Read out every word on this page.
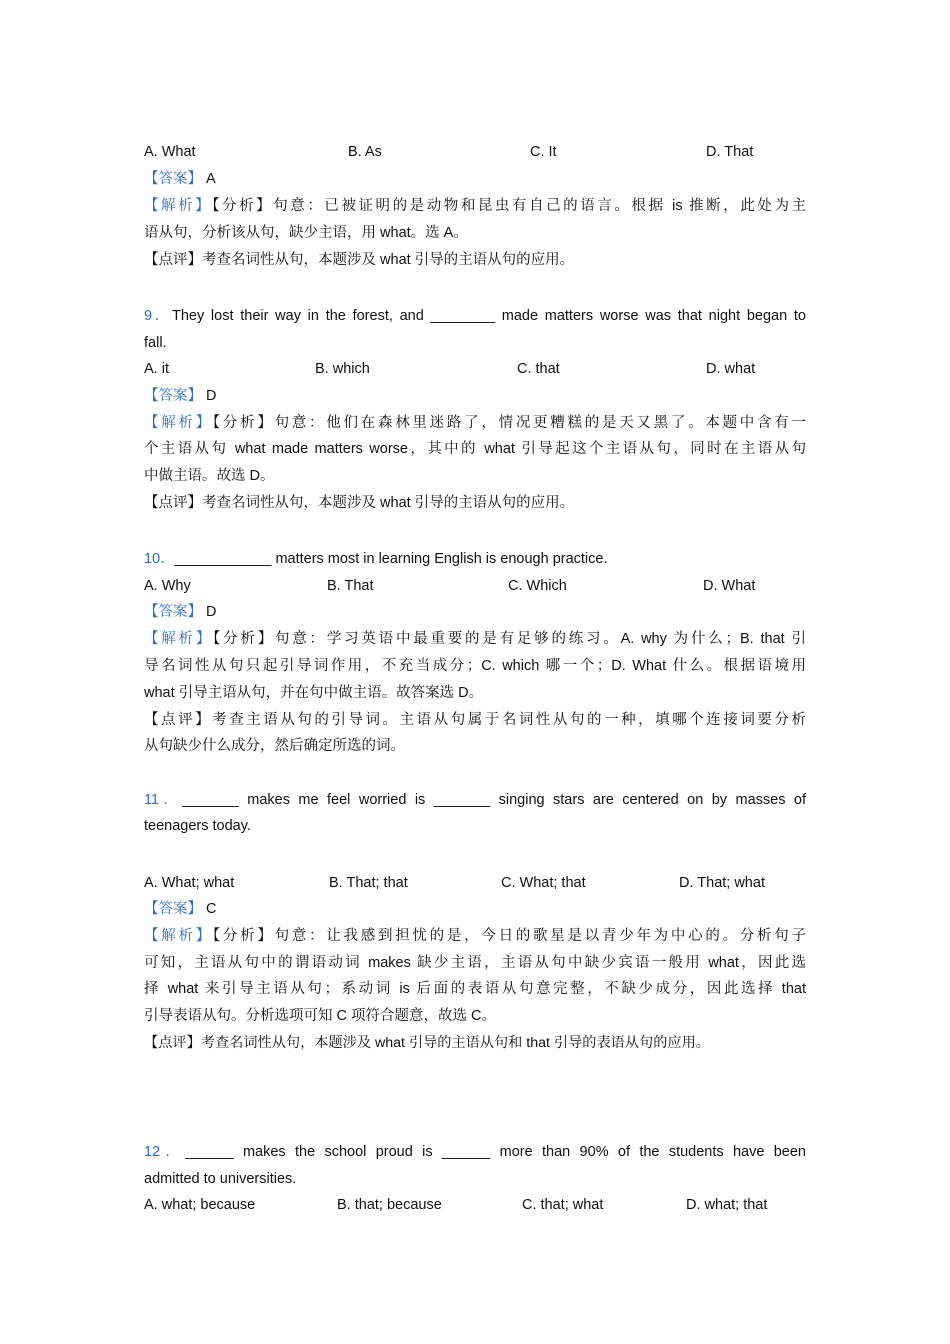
A. What	B. As	C. It	D. That
【答案】 A
【解析】【分析】句意：已被证明的是动物和昆虫有自己的语言。根据 is 推断，此处为主
语从句，分析该从句，缺少主语，用 what。选 A。
【点评】考查名词性从句，本题涉及 what 引导的主语从句的应用。
9．They lost their way in the forest, and ________ made matters worse was that night began to
fall.
A. it	B. which	C. that	D. what
【答案】 D
【解析】【分析】句意：他们在森林里迷路了，情况更糟糕的是天又黑了。本题中含有一
个主语从句 what made matters worse，其中的 what 引导起这个主语从句，同时在主语从句
中做主语。故选 D。
【点评】考查名词性从句，本题涉及 what 引导的主语从句的应用。
10．____________ matters most in learning English is enough practice.
A. Why	B. That	C. Which	D. What
【答案】 D
【解析】【分析】句意：学习英语中最重要的是有足够的练习。A. why 为什么；B. that 引
导名词性从句只起引导词作用，不充当成分；C. which 哪一个；D. What 什么。根据语境用
what 引导主语从句，并在句中做主语。故答案选 D。
【点评】考查主语从句的引导词。主语从句属于名词性从句的一种，填哪个连接词要分析
从句缺少什么成分，然后确定所选的词。
11．_______ makes me feel worried is _______ singing stars are centered on by masses of
teenagers today.
A. What; what	B. That; that	C. What; that	D. That; what
【答案】 C
【解析】【分析】句意：让我感到担忧的是，今日的歌星是以青少年为中心的。分析句子
可知，主语从句中的谓语动词 makes 缺少主语，主语从句中缺少宾语一般用 what，因此选
择 what 来引导主语从句；系动词 is 后面的表语从句意完整，不缺少成分，因此选择 that
引导表语从句。分析选项可知 C 项符合题意，故选 C。
【点评】考查名词性从句，本题涉及 what 引导的主语从句和 that 引导的表语从句的应用。
12．______ makes the school proud is ______ more than 90% of the students have been
admitted to universities.
A. what; because	B. that; because	C. that; what	D. what; that
